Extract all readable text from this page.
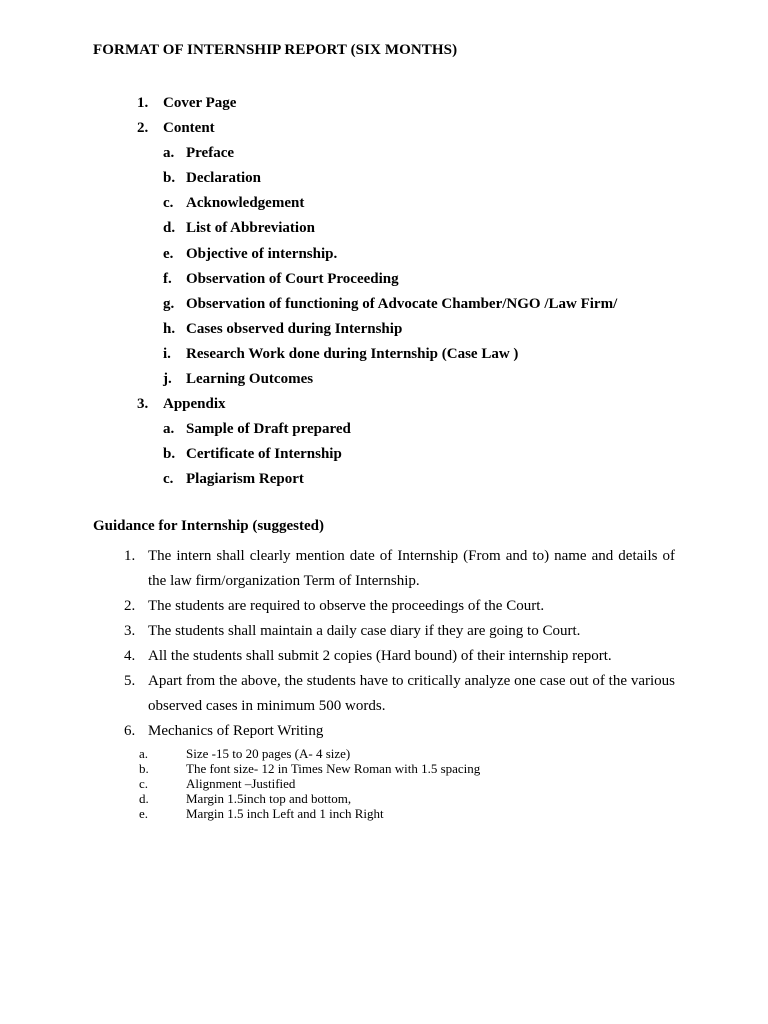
FORMAT OF INTERNSHIP REPORT (SIX MONTHS)
1. Cover Page
2. Content
a. Preface
b. Declaration
c. Acknowledgement
d. List of Abbreviation
e. Objective of internship.
f. Observation of Court Proceeding
g. Observation of functioning of Advocate Chamber/NGO /Law Firm/
h. Cases observed during Internship
i. Research Work done during Internship (Case Law )
j. Learning Outcomes
3. Appendix
a. Sample of Draft prepared
b. Certificate of Internship
c. Plagiarism Report
Guidance for Internship (suggested)
1. The intern shall clearly mention date of Internship (From and to) name and details of the law firm/organization Term of Internship.
2. The students are required to observe the proceedings of the Court.
3. The students shall maintain a daily case diary if they are going to Court.
4. All the students shall submit 2 copies (Hard bound) of their internship report.
5. Apart from the above, the students have to critically analyze one case out of the various observed cases in minimum 500 words.
6. Mechanics of Report Writing
a.	Size -15 to 20 pages (A- 4 size)
b.	The font size- 12 in Times New Roman with 1.5 spacing
c.	Alignment –Justified
d.	Margin 1.5inch top and bottom,
e.	Margin 1.5 inch Left and 1 inch Right
